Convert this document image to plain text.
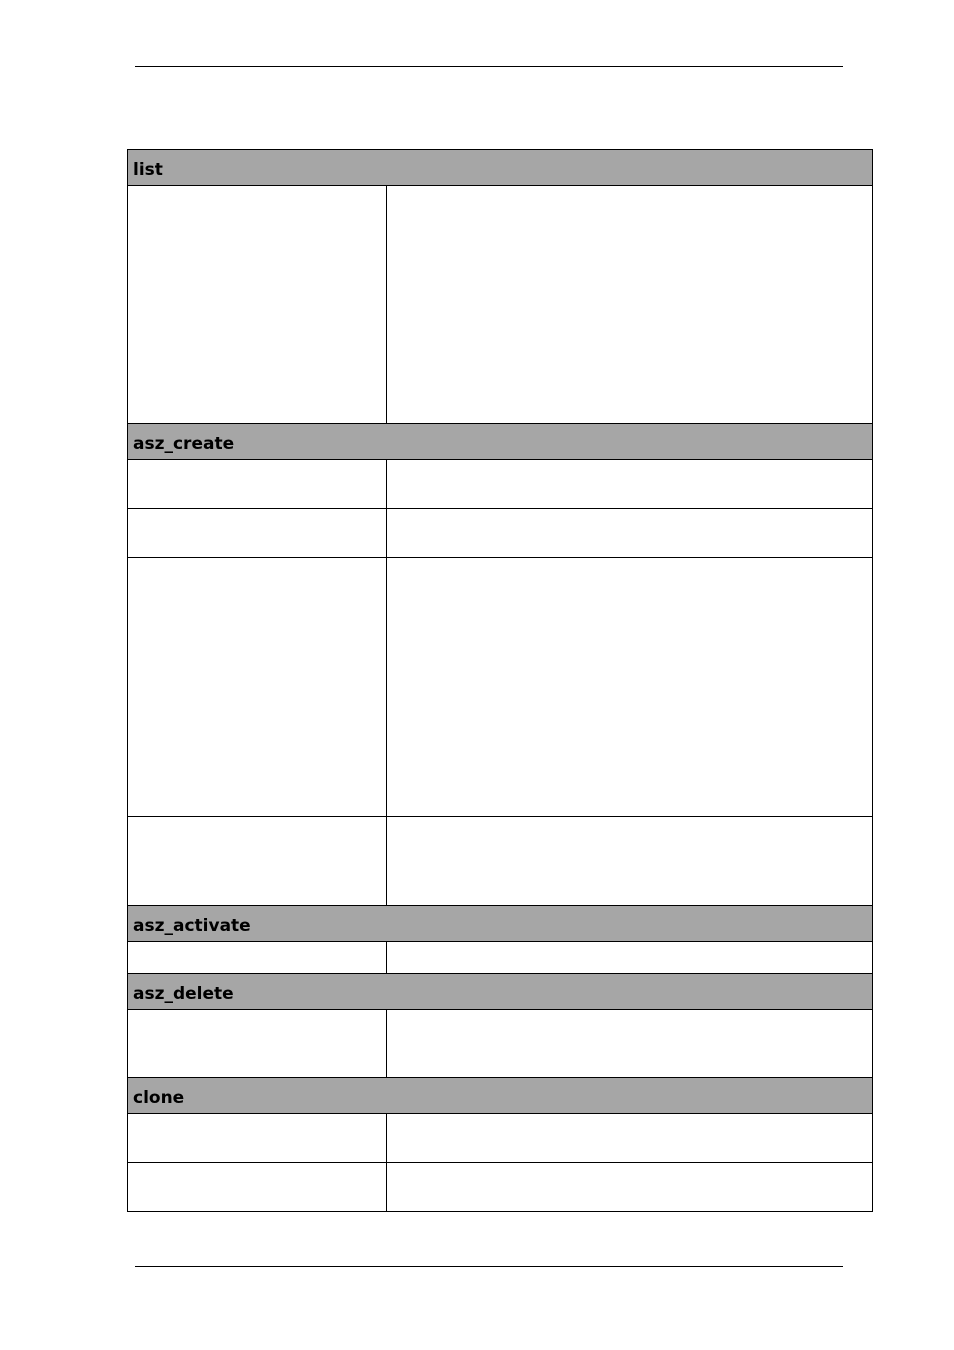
list	

asz_create	

asz_activate	

asz_delete	

clone	
